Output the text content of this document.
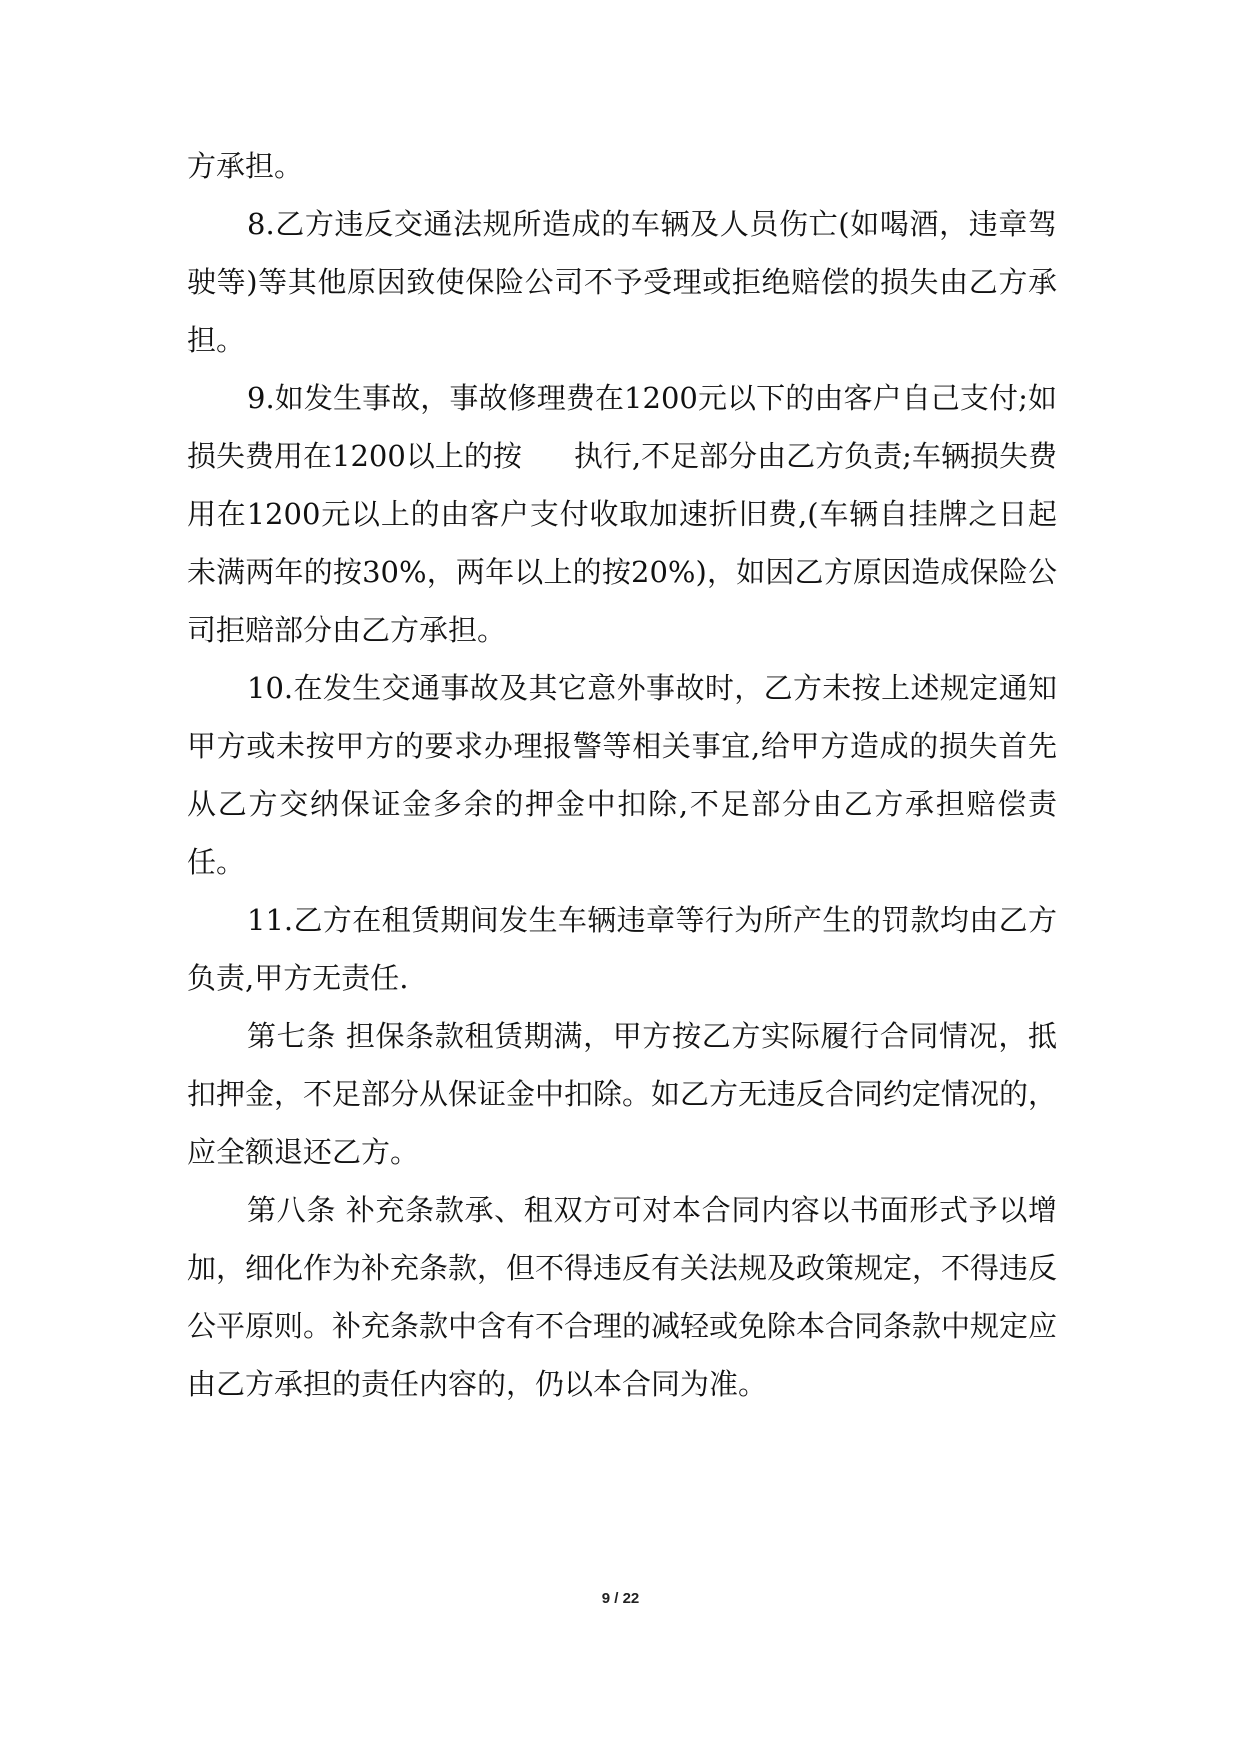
方承担。

8.乙方违反交通法规所造成的车辆及人员伤亡(如喝酒，违章驾驶等)等其他原因致使保险公司不予受理或拒绝赔偿的损失由乙方承担。

9.如发生事故，事故修理费在1200元以下的由客户自己支付;如损失费用在1200以上的按 执行,不足部分由乙方负责;车辆损失费用在1200元以上的由客户支付收取加速折旧费,(车辆自挂牌之日起未满两年的按30%，两年以上的按20%)，如因乙方原因造成保险公司拒赔部分由乙方承担。

10.在发生交通事故及其它意外事故时，乙方未按上述规定通知甲方或未按甲方的要求办理报警等相关事宜,给甲方造成的损失首先从乙方交纳保证金多余的押金中扣除,不足部分由乙方承担赔偿责任。

11.乙方在租赁期间发生车辆违章等行为所产生的罚款均由乙方负责,甲方无责任.

第七条 担保条款租赁期满，甲方按乙方实际履行合同情况，抵扣押金，不足部分从保证金中扣除。如乙方无违反合同约定情况的，应全额退还乙方。

第八条 补充条款承、租双方可对本合同内容以书面形式予以增加，细化作为补充条款，但不得违反有关法规及政策规定，不得违反公平原则。补充条款中含有不合理的减轻或免除本合同条款中规定应由乙方承担的责任内容的，仍以本合同为准。

9 / 22
